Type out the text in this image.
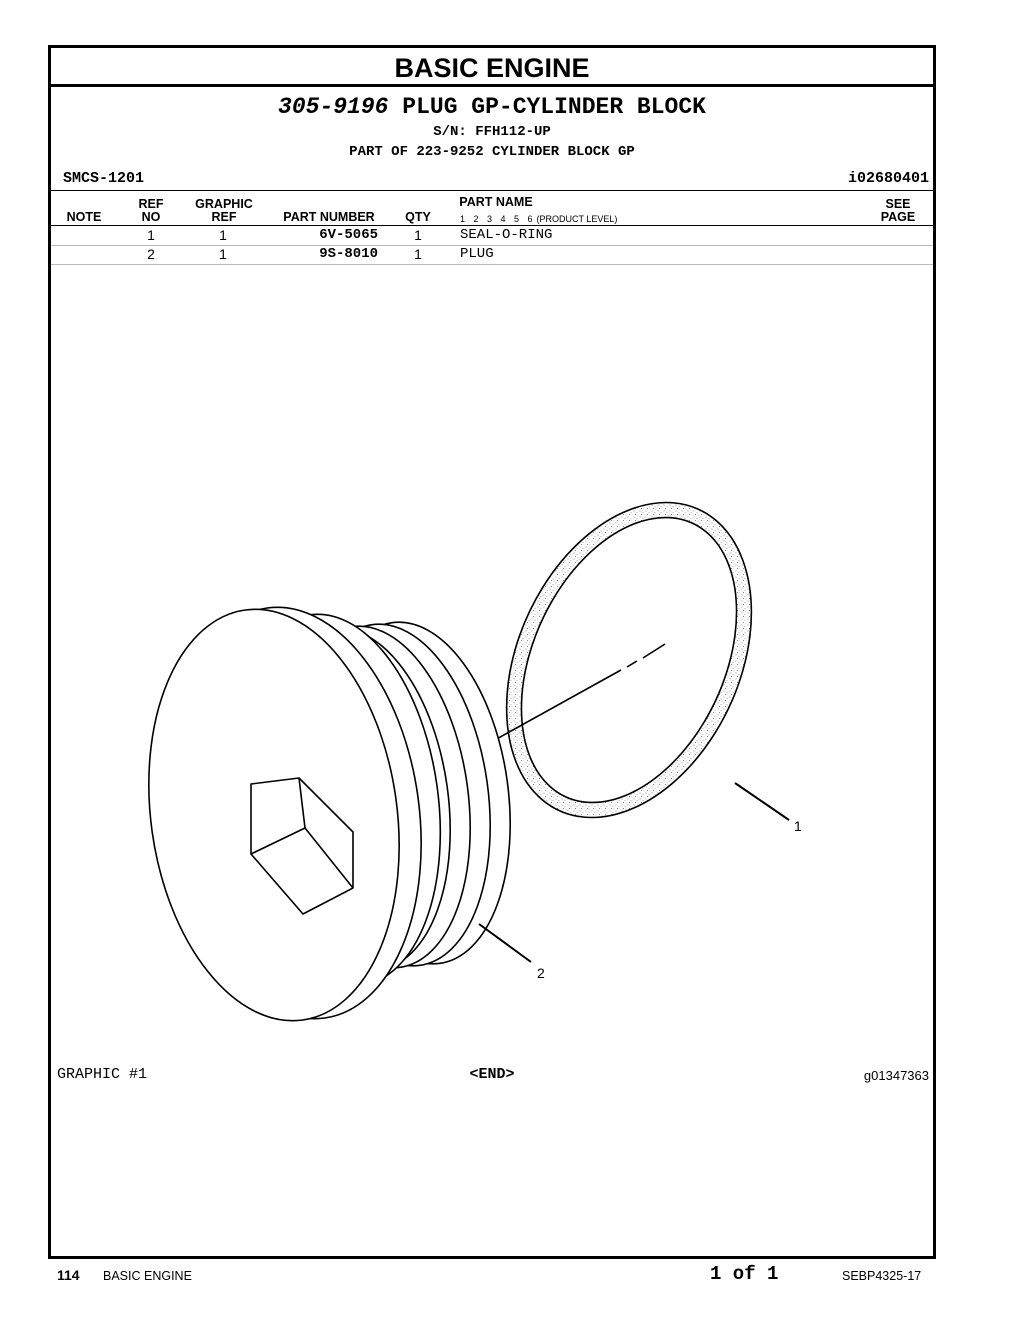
BASIC ENGINE
305-9196 PLUG GP-CYLINDER BLOCK
S/N: FFH112-UP
PART OF 223-9252 CYLINDER BLOCK GP
SMCS-1201	i02680401
NOTE
REF
NO
GRAPHIC
REF	PART NUMBER	QTY
PART NAME
1 2 3 4 5 6 (PRODUCT LEVEL)
SEE
PAGE
1	1	6V-5065	1	SEAL-O-RING
2	1	9S-8010	1	PLUG
1
2
GRAPHIC #1	<END>	g01347363
114 BASIC ENGINE	1 of 1	SEBP4325-17
